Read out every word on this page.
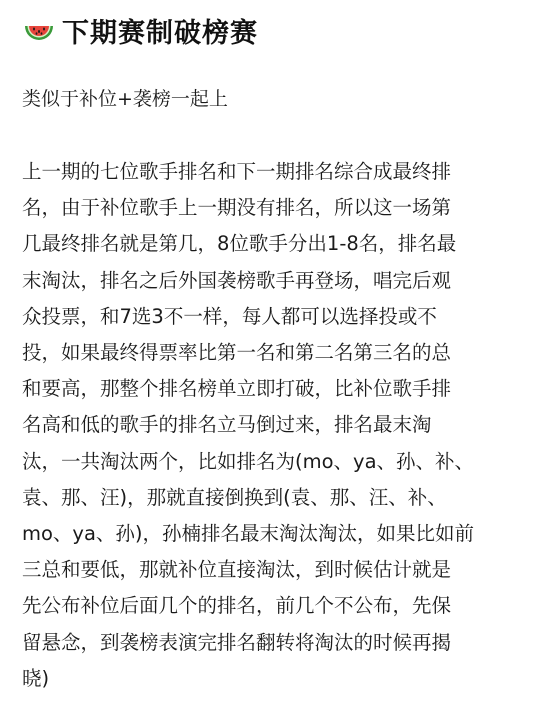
下期赛制破榜赛
类似于补位+袭榜一起上
上一期的七位歌手排名和下一期排名综合成最终排
名，由于补位歌手上一期没有排名，所以这一场第
几最终排名就是第几，8位歌手分出1-8名，排名最
末淘汰，排名之后外国袭榜歌手再登场，唱完后观
众投票，和7选3不一样，每人都可以选择投或不
投，如果最终得票率比第一名和第二名第三名的总
和要高，那整个排名榜单立即打破，比补位歌手排
名高和低的歌手的排名立马倒过来，排名最末淘
汰，一共淘汰两个，比如排名为(mo、ya、孙、补、
袁、那、汪)，那就直接倒换到(袁、那、汪、补、
mo、ya、孙)，孙楠排名最末淘汰淘汰，如果比如前
三总和要低，那就补位直接淘汰，到时候估计就是
先公布补位后面几个的排名，前几个不公布，先保
留悬念，到袭榜表演完排名翻转将淘汰的时候再揭
晓)
